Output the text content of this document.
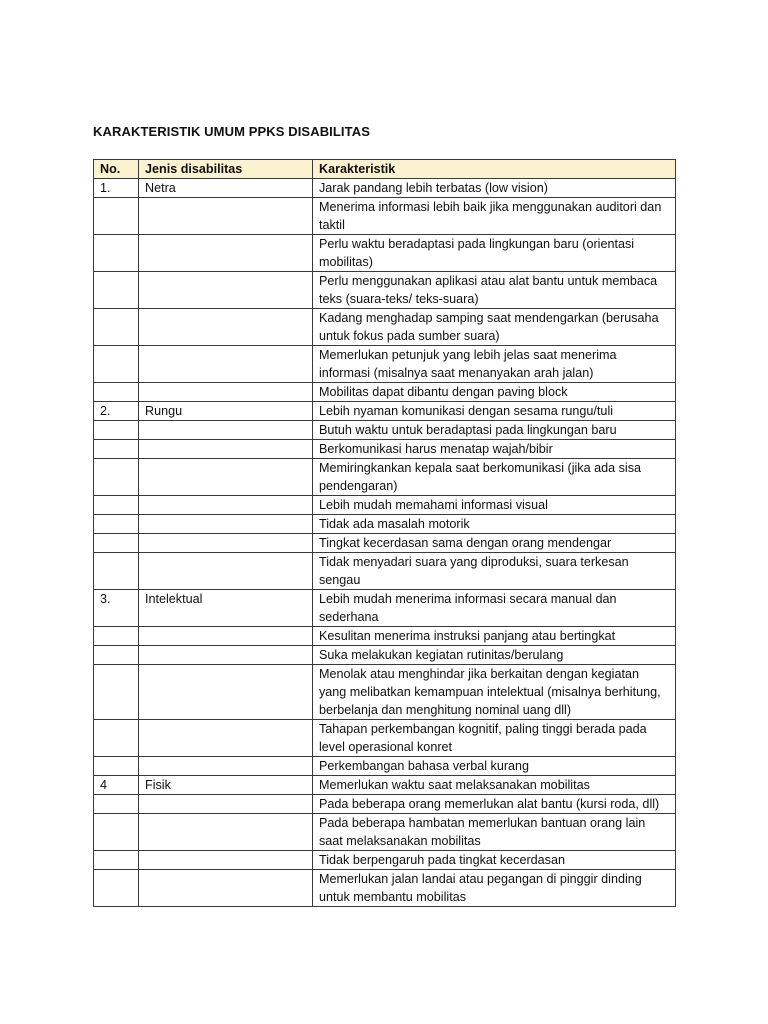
KARAKTERISTIK UMUM PPKS DISABILITAS
No.	Jenis disabilitas	Karakteristik
1.	Netra	Jarak pandang lebih terbatas (low vision)
		Menerima informasi lebih baik jika menggunakan auditori dan taktil
		Perlu waktu beradaptasi pada lingkungan baru (orientasi mobilitas)
		Perlu menggunakan aplikasi atau alat bantu untuk membaca teks (suara-teks/ teks-suara)
		Kadang menghadap samping saat mendengarkan (berusaha untuk fokus pada sumber suara)
		Memerlukan petunjuk yang lebih jelas saat menerima informasi (misalnya saat menanyakan arah jalan)
		Mobilitas dapat dibantu dengan paving block
2.	Rungu	Lebih nyaman komunikasi dengan sesama rungu/tuli
		Butuh waktu untuk beradaptasi pada lingkungan baru
		Berkomunikasi harus menatap wajah/bibir
		Memiringkankan kepala saat berkomunikasi (jika ada sisa pendengaran)
		Lebih mudah memahami informasi visual
		Tidak ada masalah motorik
		Tingkat kecerdasan sama dengan orang mendengar
		Tidak menyadari suara yang diproduksi, suara terkesan sengau
3.	Intelektual	Lebih mudah menerima informasi secara manual dan sederhana
		Kesulitan menerima instruksi panjang atau bertingkat
		Suka melakukan kegiatan rutinitas/berulang
		Menolak atau menghindar jika berkaitan dengan kegiatan yang melibatkan kemampuan intelektual (misalnya berhitung, berbelanja dan menghitung nominal uang dll)
		Tahapan perkembangan kognitif, paling tinggi berada pada level operasional konret
		Perkembangan bahasa verbal kurang
4	Fisik	Memerlukan waktu saat melaksanakan mobilitas
		Pada beberapa orang memerlukan alat bantu (kursi roda, dll)
		Pada beberapa hambatan memerlukan bantuan orang lain saat melaksanakan mobilitas
		Tidak berpengaruh pada tingkat kecerdasan
		Memerlukan jalan landai atau pegangan di pinggir dinding untuk membantu mobilitas
